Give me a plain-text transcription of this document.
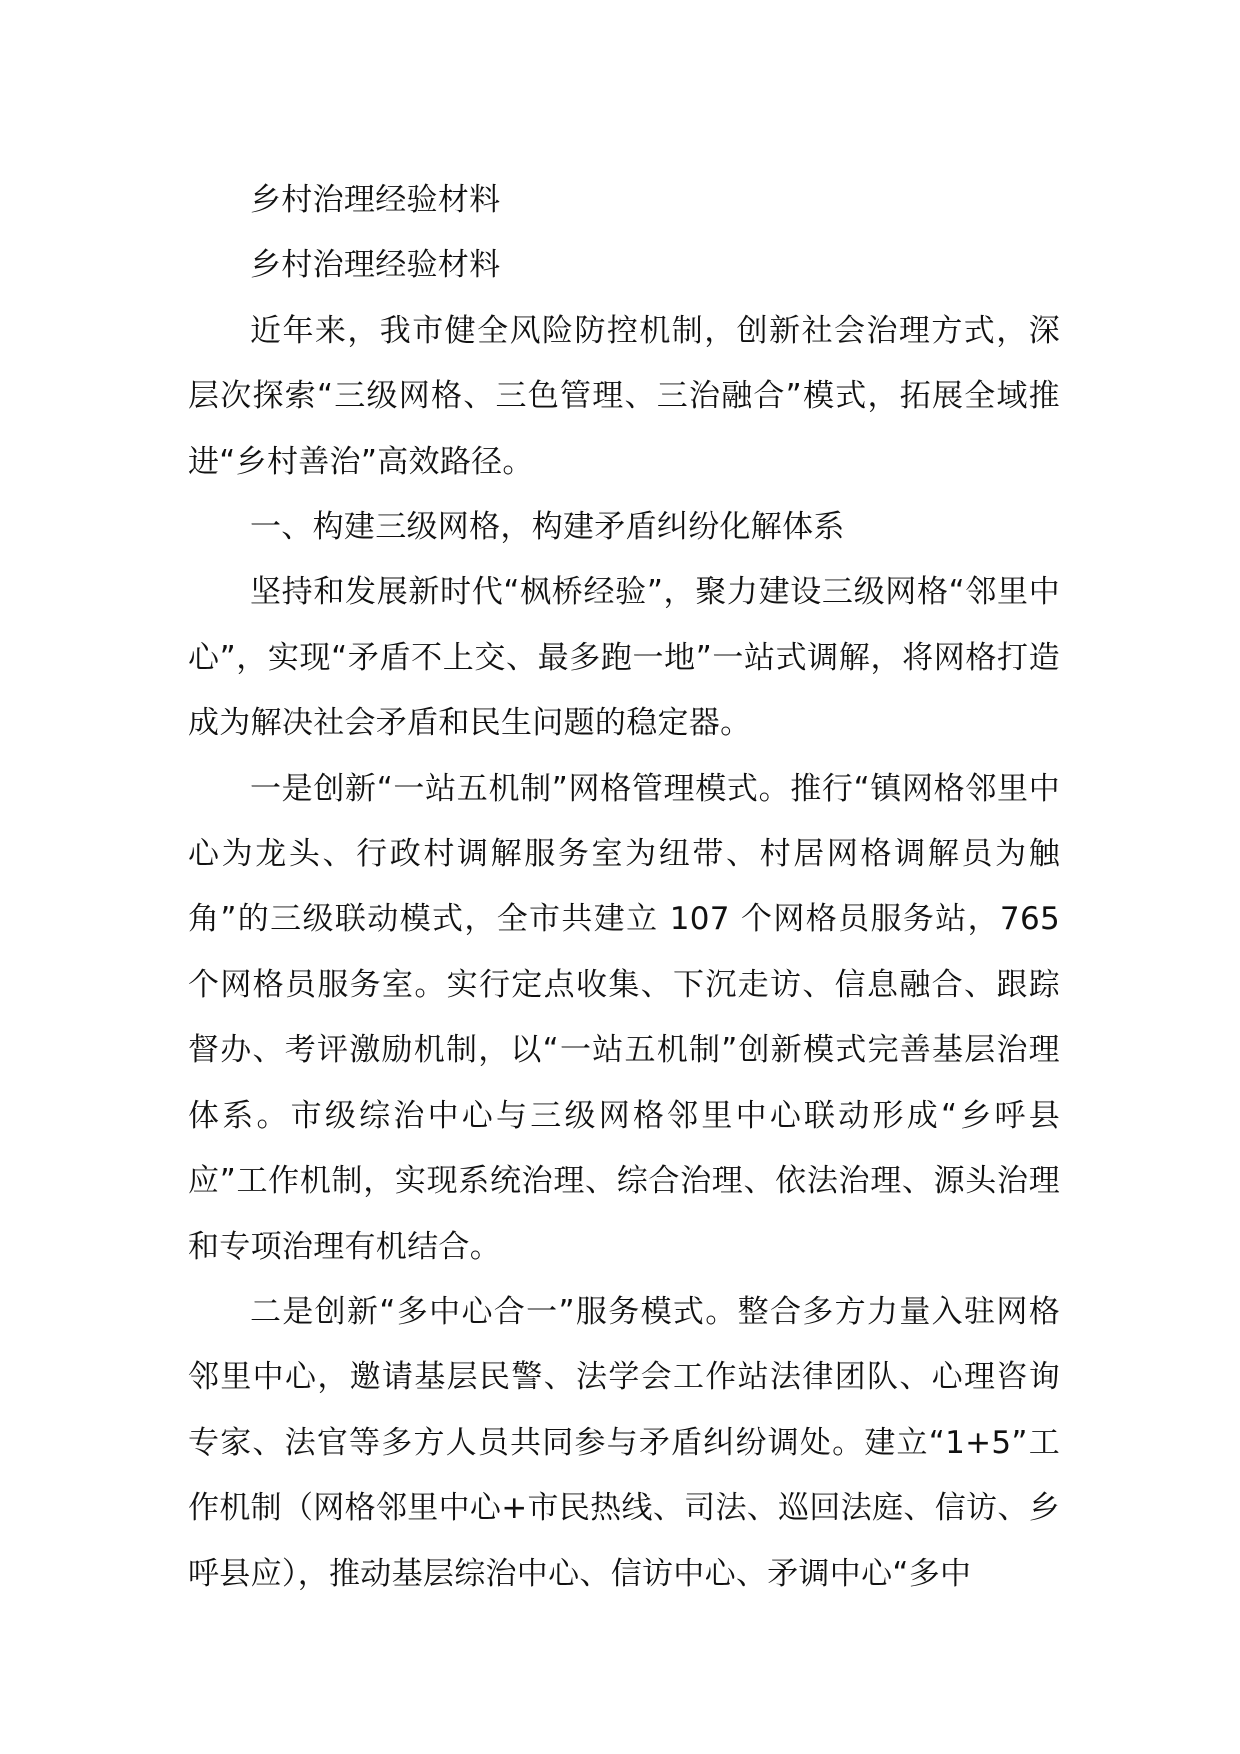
乡村治理经验材料

乡村治理经验材料

近年来，我市健全风险防控机制，创新社会治理方式，深层次探索“三级网格、三色管理、三治融合”模式，拓展全域推进“乡村善治”高效路径。

一、构建三级网格，构建矛盾纠纷化解体系

坚持和发展新时代“枫桥经验”，聚力建设三级网格“邻里中心”，实现“矛盾不上交、最多跑一地”一站式调解，将网格打造成为解决社会矛盾和民生问题的稳定器。

一是创新“一站五机制”网格管理模式。推行“镇网格邻里中心为龙头、行政村调解服务室为纽带、村居网格调解员为触角”的三级联动模式，全市共建立 107 个网格员服务站，765 个网格员服务室。实行定点收集、下沉走访、信息融合、跟踪督办、考评激励机制，以“一站五机制”创新模式完善基层治理体系。市级综治中心与三级网格邻里中心联动形成“乡呼县应”工作机制，实现系统治理、综合治理、依法治理、源头治理和专项治理有机结合。

二是创新“多中心合一”服务模式。整合多方力量入驻网格邻里中心，邀请基层民警、法学会工作站法律团队、心理咨询专家、法官等多方人员共同参与矛盾纠纷调处。建立“1+5”工作机制（网格邻里中心+市民热线、司法、巡回法庭、信访、乡呼县应），推动基层综治中心、信访中心、矛调中心“多中
